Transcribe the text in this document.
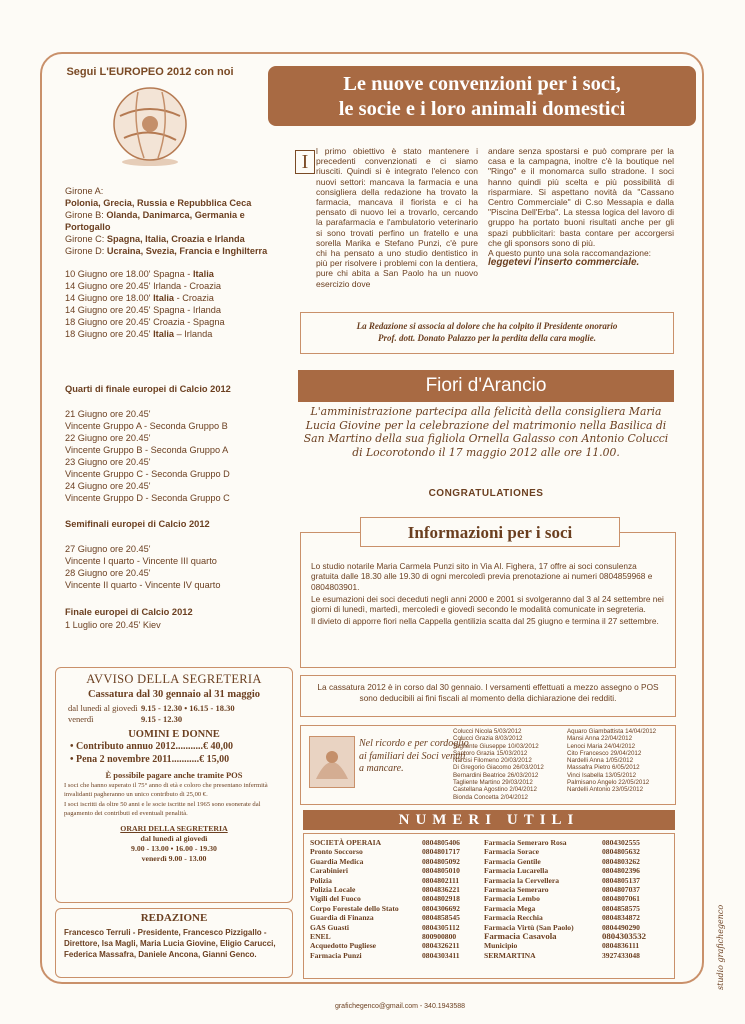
Segui L'EUROPEO 2012 con noi
Girone A:
Polonia, Grecia, Russia e Repubblica Ceca
Girone B: Olanda, Danimarca, Germania e Portogallo
Girone C: Spagna, Italia, Croazia e Irlanda
Girone D: Ucraina, Svezia, Francia e Inghilterra
10 Giugno ore 18.00' Spagna - Italia
14 Giugno ore 20.45' Irlanda - Croazia
14 Giugno ore 18.00' Italia - Croazia
14 Giugno ore 20.45' Spagna - Irlanda
18 Giugno ore 20.45' Croazia - Spagna
18 Giugno ore 20.45' Italia – Irlanda
Quarti di finale europei di Calcio 2012
21 Giugno ore 20.45'
Vincente Gruppo A - Seconda Gruppo B
22 Giugno ore 20.45'
Vincente Gruppo B - Seconda Gruppo A
23 Giugno ore 20.45'
Vincente Gruppo C - Seconda Gruppo D
24 Giugno ore 20.45'
Vincente Gruppo D - Seconda Gruppo C
Semifinali europei di Calcio 2012
27 Giugno ore 20.45'
Vincente I quarto - Vincente III quarto
28 Giugno ore 20.45'
Vincente II quarto - Vincente IV quarto
Finale europei di Calcio 2012
1 Luglio ore 20.45' Kiev
AVVISO DELLA SEGRETERIA
Cassatura dal 30 gennaio al 31 maggio
dal lunedì al giovedì 9.15 - 12.30 • 16.15 - 18.30
venerdì	9.15 - 12.30
UOMINI E DONNE
• Contributo annuo 2012...........€ 40,00
• Pena 2 novembre 2011...........€ 15,00
È possibile pagare anche tramite POS
I soci che hanno superato il 75° anno di età e coloro che presentano infermità invalidanti pagheranno un unico contributo di 25,00 €.
I soci iscritti da oltre 50 anni e le socie iscritte nel 1965 sono esonerate dal pagamento dei contributi ed eventuali penalità.
ORARI DELLA SEGRETERIA
dal lunedì al giovedì
9.00 - 13.00 • 16.00 - 19.30
venerdì 9.00 - 13.00
REDAZIONE
Francesco Terruli - Presidente, Francesco Pizzigallo - Direttore, Isa Magli, Maria Lucia Giovine, Eligio Carucci, Federica Massafra, Daniele Ancona, Gianni Genco.
Le nuove convenzioni per i soci,
le socie e i loro animali domestici
I l primo obiettivo è stato mantenere i precedenti convenzionati e ci siamo riusciti. Quindi si è integrato l'elenco con nuovi settori: mancava la farmacia e una consigliera della redazione ha trovato la farmacia, mancava il fiorista e ci ha pensato di nuovo lei a trovarlo, cercando la parafarmacia e l'ambulatorio veterinario si sono trovati perfino un fratello e una sorella Marika e Stefano Punzi, c'è pure chi ha pensato a uno studio dentistico in più per risolvere i problemi con la dentiera, pure chi abita a San Paolo ha un nuovo esercizio dove
andare senza spostarsi e può comprare per la casa e la campagna, inoltre c'è la boutique nel "Ringo" e il monomarca sullo stradone. I soci hanno quindi più scelta e più possibilità di risparmiare. Si aspettano novità da "Cassano Centro Commerciale" di C.so Messapia e dalla "Piscina Dell'Erba". La stessa logica del lavoro di gruppo ha portato buoni risultati anche per gli spazi pubblicitari: basta contare per accorgersi che gli sponsors sono di più.
A questo punto una sola raccomandazione:
leggetevi l'inserto commerciale.
La Redazione si associa al dolore che ha colpito il Presidente onorario
Prof. dott. Donato Palazzo per la perdita della cara moglie.
Fiori d'Arancio
L'amministrazione partecipa alla felicità della consigliera Maria Lucia Giovine per la celebrazione del matrimonio nella Basilica di San Martino della sua figliola Ornella Galasso con Antonio Colucci di Locorotondo il 17 maggio 2012 alle ore 11.00.
CONGRATULATIONES

Lo studio notarile Maria Carmela Punzi sito in Via Al. Fighera, 17 offre ai soci consulenza gratuita dalle 18.30 alle 19.30 di ogni mercoledì previa prenotazione ai numeri 0804859968 e 0804803901.

Le esumazioni dei soci deceduti negli anni 2000 e 2001 si svolgeranno dal 3 al 24 settembre nei giorni di lunedì, martedì, mercoledì e giovedì secondo le modalità comunicate in segreteria.

Il divieto di apporre fiori nella Cappella gentilizia scatta dal 25 giugno e termina il 27 settembre.

Informazioni per i soci
La cassatura 2012 è in corso dal 30 gennaio. I versamenti effettuati a mezzo assegno o POS sono deducibili ai fini fiscali al momento della dichiarazione dei redditi.
Nel ricordo e per cordoglio ai familiari dei Soci venuti a mancare.
Colucci Nicola 5/03/2012
Colucci Grazia 8/03/2012
Tagliente Giuseppe 10/03/2012
Santoro Grazia 15/03/2012
Narcisi Filomeno 20/03/2012
Di Gregorio Giacomo 26/03/2012
Bernardini Beatrice 26/03/2012
Tagliente Martino 29/03/2012
Castellana Agostino 2/04/2012
Bionda Concetta 2/04/2012
Aquaro Giambattista 14/04/2012
Mansi Anna 22/04/2012
Lenoci Maria 24/04/2012
Cito Francesco 29/04/2012
Nardelli Anna 1/05/2012
Massafra Pietro 6/05/2012
Vinci Isabella 13/05/2012
Palmisano Angelo 22/05/2012
Nardelli Antonio 23/05/2012
NUMERI UTILI
SOCIETÀ OPERAIA	0804805406
Pronto Soccorso	0804801717
Guardia Medica	0804805092
Carabinieri	0804805010
Polizia	0804802111
Polizia Locale	0804836221
Vigili del Fuoco	0804802918
Corpo Forestale dello Stato	0804306692
Guardia di Finanza	0804858545
GAS Guasti	0804305112
ENEL	800900800
Acquedotto Pugliese	0804326211
Farmacia Punzi	0804303411
Farmacia Semeraro Rosa	0804302555
Farmacia Sorace	0804805632
Farmacia Gentile	0804803262
Farmacia Lucarella	0804802396
Farmacia la Cervellera	0804805137
Farmacia Semeraro	0804807037
Farmacia Lembo	0804807061
Farmacia Mega	0804858575
Farmacia Recchia	0804834872
Farmacia Virtù (San Paolo)	0804490290
Farmacia Casavola	0804303532
Municipio	0804836111
SERMARTINA	3927433048
grafichegenco@gmail.com - 340.1943588
studio grafichegenco
